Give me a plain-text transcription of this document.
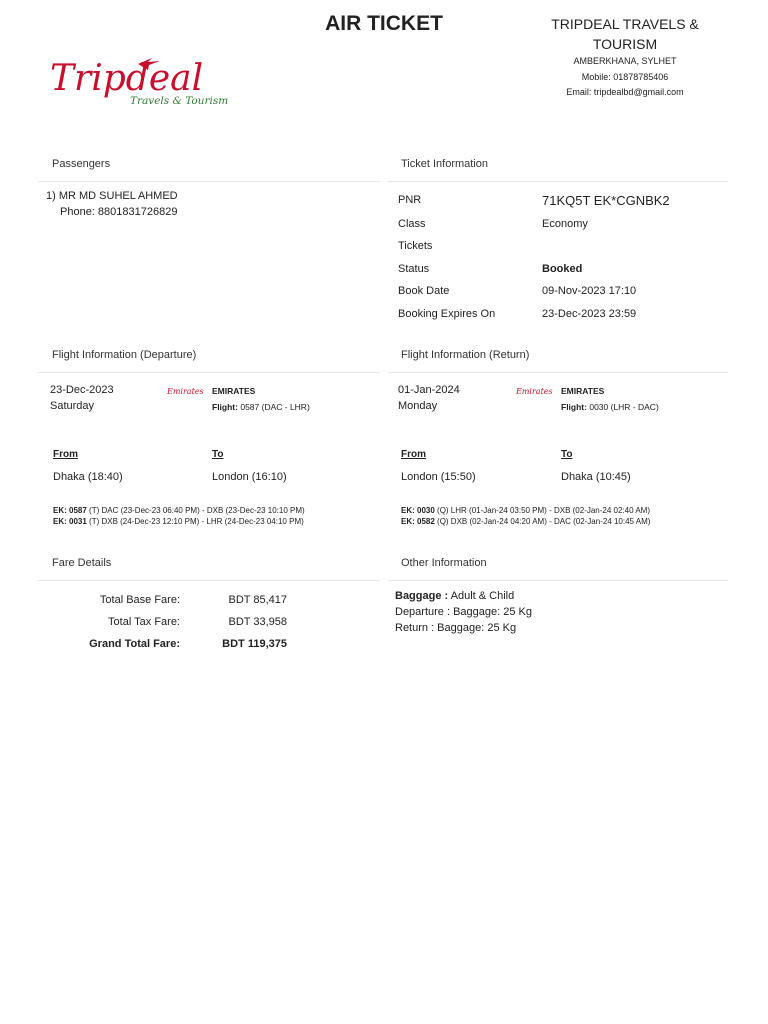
AIR TICKET
Tripdeal
Travels & Tourism
TRIPDEAL TRAVELS & TOURISM
AMBERKHANA, SYLHET
Mobile: 01878785406
Email: tripdealbd@gmail.com
Passengers
1) MR MD SUHEL AHMED
Phone: 8801831726829
Ticket Information
PNR	71KQ5T EK*CGNBK2
Class	Economy
Tickets
Status	Booked
Book Date	09-Nov-2023 17:10
Booking Expires On	23-Dec-2023 23:59
Flight Information (Departure)
23-Dec-2023
Saturday
Emirates EMIRATES
Flight: 0587 (DAC - LHR)
From	To
Dhaka (18:40)	London (16:10)
EK: 0587 (T) DAC (23-Dec-23 06:40 PM) - DXB (23-Dec-23 10:10 PM)
EK: 0031 (T) DXB (24-Dec-23 12:10 PM) - LHR (24-Dec-23 04:10 PM)
Flight Information (Return)
01-Jan-2024
Monday
Emirates EMIRATES
Flight: 0030 (LHR - DAC)
From	To
London (15:50)	Dhaka (10:45)
EK: 0030 (Q) LHR (01-Jan-24 03:50 PM) - DXB (02-Jan-24 02:40 AM)
EK: 0582 (Q) DXB (02-Jan-24 04:20 AM) - DAC (02-Jan-24 10:45 AM)
Fare Details
Total Base Fare:	BDT 85,417
Total Tax Fare:	BDT 33,958
Grand Total Fare:	BDT 119,375
Other Information
Baggage : Adult & Child
Departure : Baggage: 25 Kg
Return : Baggage: 25 Kg
